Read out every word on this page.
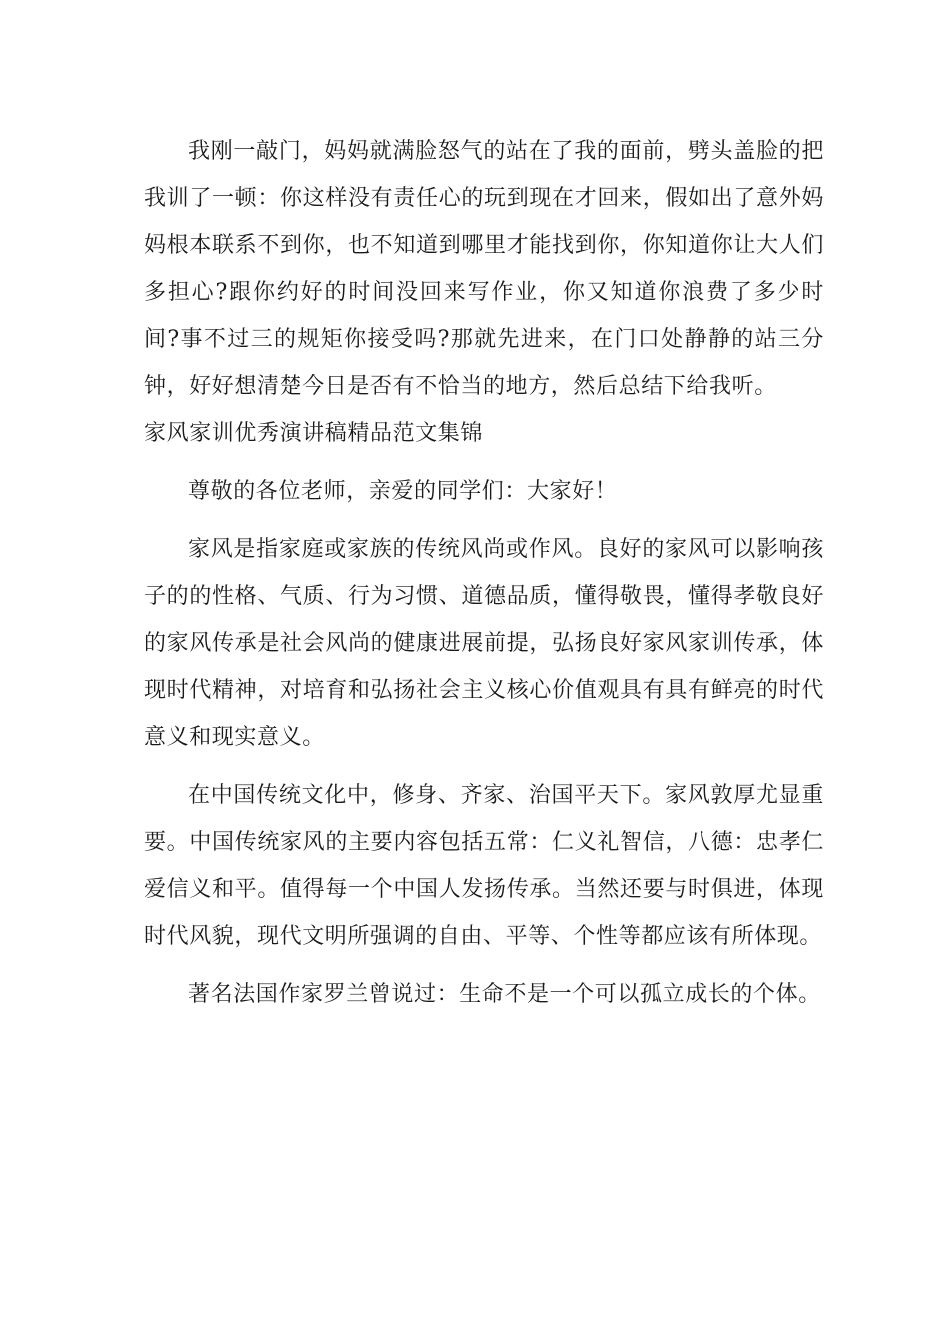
我刚一敲门，妈妈就满脸怒气的站在了我的面前，劈头盖脸的把我训了一顿：你这样没有责任心的玩到现在才回来，假如出了意外妈妈根本联系不到你，也不知道到哪里才能找到你，你知道你让大人们多担心?跟你约好的时间没回来写作业，你又知道你浪费了多少时间?事不过三的规矩你接受吗?那就先进来，在门口处静静的站三分钟，好好想清楚今日是否有不恰当的地方，然后总结下给我听。

家风家训优秀演讲稿精品范文集锦

尊敬的各位老师，亲爱的同学们：大家好！

家风是指家庭或家族的传统风尚或作风。良好的家风可以影响孩子的的性格、气质、行为习惯、道德品质，懂得敬畏，懂得孝敬良好的家风传承是社会风尚的健康进展前提，弘扬良好家风家训传承，体现时代精神，对培育和弘扬社会主义核心价值观具有具有鲜亮的时代意义和现实意义。

在中国传统文化中，修身、齐家、治国平天下。家风敦厚尤显重要。中国传统家风的主要内容包括五常：仁义礼智信，八德：忠孝仁爱信义和平。值得每一个中国人发扬传承。当然还要与时俱进，体现时代风貌，现代文明所强调的自由、平等、个性等都应该有所体现。

著名法国作家罗兰曾说过：生命不是一个可以孤立成长的个体。
